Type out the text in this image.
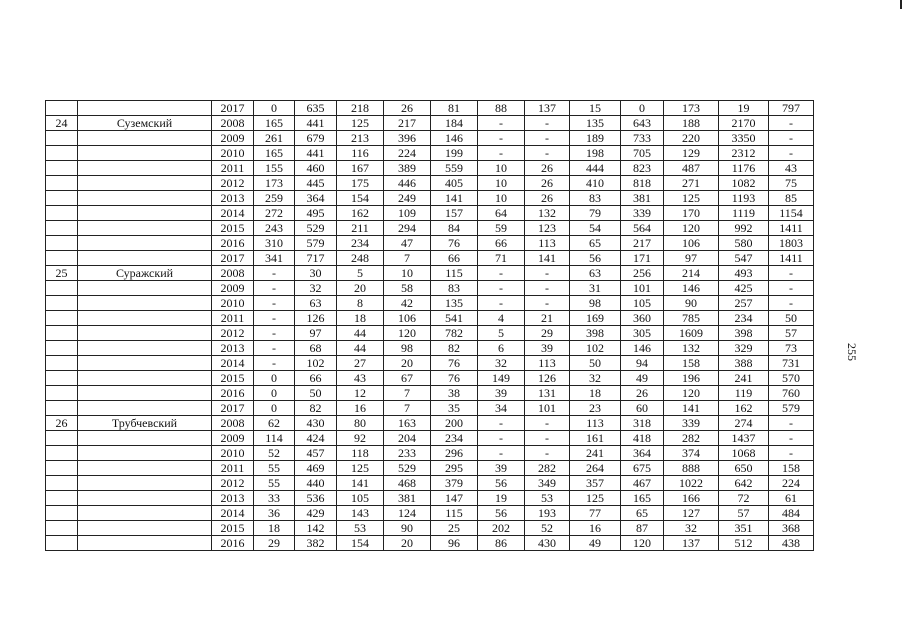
255
		2017	0	635	218	26	81	88	137	15	0	173	19	797
24	Суземский	2008	165	441	125	217	184	-	-	135	643	188	2170	-
		2009	261	679	213	396	146	-	-	189	733	220	3350	-
		2010	165	441	116	224	199	-	-	198	705	129	2312	-
		2011	155	460	167	389	559	10	26	444	823	487	1176	43
		2012	173	445	175	446	405	10	26	410	818	271	1082	75
		2013	259	364	154	249	141	10	26	83	381	125	1193	85
		2014	272	495	162	109	157	64	132	79	339	170	1119	1154
		2015	243	529	211	294	84	59	123	54	564	120	992	1411
		2016	310	579	234	47	76	66	113	65	217	106	580	1803
		2017	341	717	248	7	66	71	141	56	171	97	547	1411
25	Суражский	2008	-	30	5	10	115	-	-	63	256	214	493	-
		2009	-	32	20	58	83	-	-	31	101	146	425	-
		2010	-	63	8	42	135	-	-	98	105	90	257	-
		2011	-	126	18	106	541	4	21	169	360	785	234	50
		2012	-	97	44	120	782	5	29	398	305	1609	398	57
		2013	-	68	44	98	82	6	39	102	146	132	329	73
		2014	-	102	27	20	76	32	113	50	94	158	388	731
		2015	0	66	43	67	76	149	126	32	49	196	241	570
		2016	0	50	12	7	38	39	131	18	26	120	119	760
		2017	0	82	16	7	35	34	101	23	60	141	162	579
26	Трубчевский	2008	62	430	80	163	200	-	-	113	318	339	274	-
		2009	114	424	92	204	234	-	-	161	418	282	1437	-
		2010	52	457	118	233	296	-	-	241	364	374	1068	-
		2011	55	469	125	529	295	39	282	264	675	888	650	158
		2012	55	440	141	468	379	56	349	357	467	1022	642	224
		2013	33	536	105	381	147	19	53	125	165	166	72	61
		2014	36	429	143	124	115	56	193	77	65	127	57	484
		2015	18	142	53	90	25	202	52	16	87	32	351	368
		2016	29	382	154	20	96	86	430	49	120	137	512	438
